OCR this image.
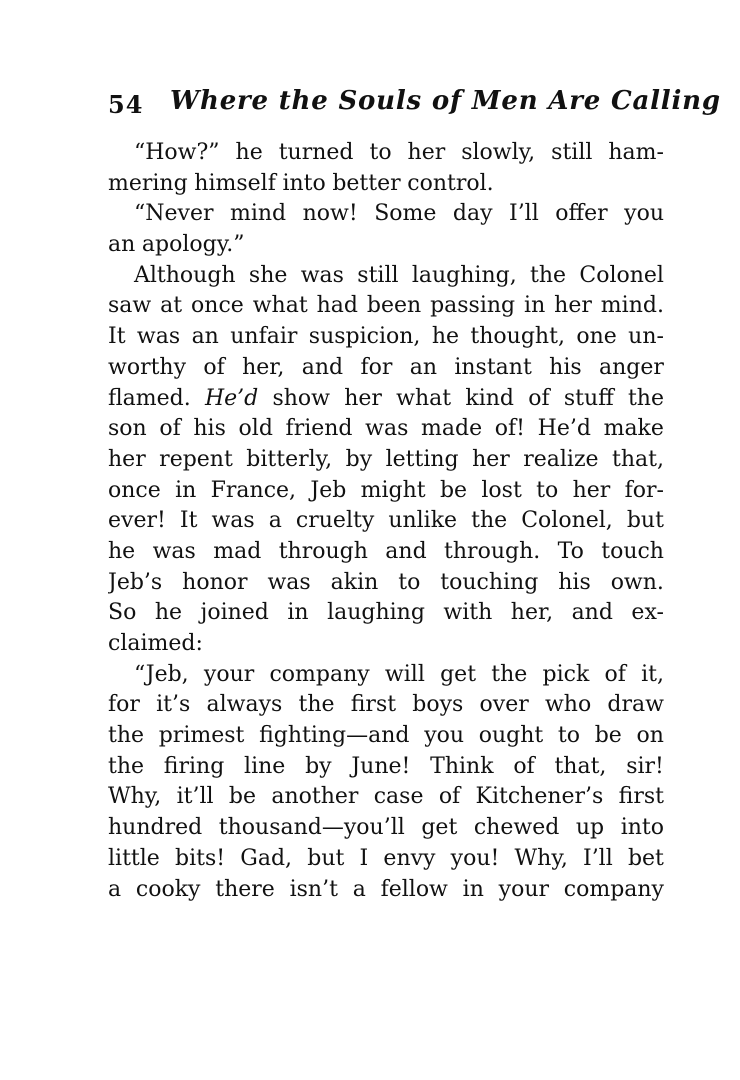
54 Where the Souls of Men Are Calling
“How?” he turned to her slowly, still ham-
mering himself into better control.
“Never mind now! Some day I’ll offer you
an apology.”
Although she was still laughing, the Colonel
saw at once what had been passing in her mind.
It was an unfair suspicion, he thought, one un-
worthy of her, and for an instant his anger
flamed. He’d show her what kind of stuff the
son of his old friend was made of! He’d make
her repent bitterly, by letting her realize that,
once in France, Jeb might be lost to her for-
ever! It was a cruelty unlike the Colonel, but
he was mad through and through. To touch
Jeb’s honor was akin to touching his own.
So he joined in laughing with her, and ex-
claimed:
“Jeb, your company will get the pick of it,
for it’s always the first boys over who draw
the primest fighting—and you ought to be on
the firing line by June! Think of that, sir!
Why, it’ll be another case of Kitchener’s first
hundred thousand—you’ll get chewed up into
little bits! Gad, but I envy you! Why, I’ll bet
a cooky there isn’t a fellow in your company
